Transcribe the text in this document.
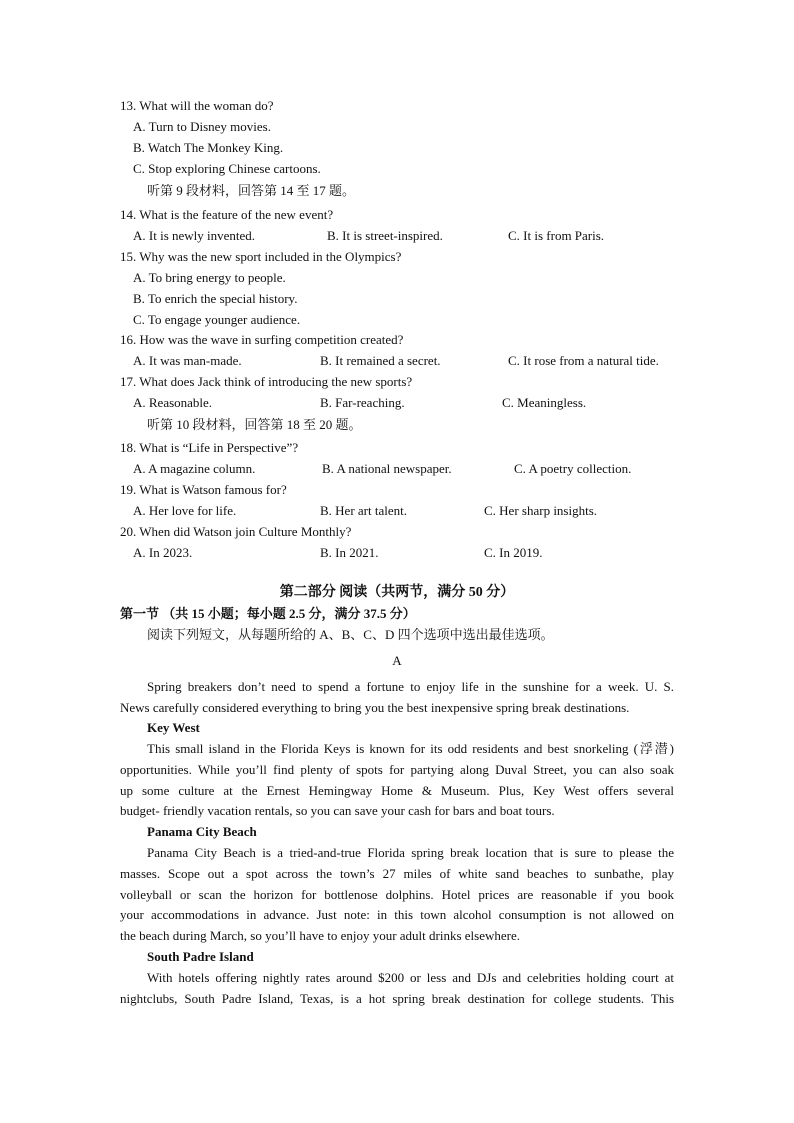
13. What will the woman do?
A. Turn to Disney movies.
B. Watch The Monkey King.
C. Stop exploring Chinese cartoons.
听第 9 段材料，回答第 14 至 17 题。
14. What is the feature of the new event?
A. It is newly invented.	B. It is street-inspired.	C. It is from Paris.
15. Why was the new sport included in the Olympics?
A. To bring energy to people.
B. To enrich the special history.
C. To engage younger audience.
16. How was the wave in surfing competition created?
A. It was man-made.	B. It remained a secret.	C. It rose from a natural tide.
17. What does Jack think of introducing the new sports?
A. Reasonable.	B. Far-reaching.	C. Meaningless.
听第 10 段材料，回答第 18 至 20 题。
18. What is “Life in Perspective”?
A. A magazine column.	B. A national newspaper.	C. A poetry collection.
19. What is Watson famous for?
A. Her love for life.	B. Her art talent.	C. Her sharp insights.
20. When did Watson join Culture Monthly?
A. In 2023.	B. In 2021.	C. In 2019.
第二部分 阅读（共两节，满分 50 分）
第一节 （共 15 小题；每小题 2.5 分，满分 37.5 分）
阅读下列短文，从每题所给的 A、B、C、D 四个选项中选出最佳选项。
A
Spring breakers don’t need to spend a fortune to enjoy life in the sunshine for a week. U. S.
News carefully considered everything to bring you the best inexpensive spring break destinations.
Key West
This small island in the Florida Keys is known for its odd residents and best snorkeling (浮潜)
opportunities. While you’ll find plenty of spots for partying along Duval Street, you can also soak
up some culture at the Ernest Hemingway Home & Museum. Plus, Key West offers several
budget- friendly vacation rentals, so you can save your cash for bars and boat tours.
Panama City Beach
Panama City Beach is a tried-and-true Florida spring break location that is sure to please the
masses. Scope out a spot across the town’s 27 miles of white sand beaches to sunbathe, play
volleyball or scan the horizon for bottlenose dolphins. Hotel prices are reasonable if you book
your accommodations in advance. Just note: in this town alcohol consumption is not allowed on
the beach during March, so you’ll have to enjoy your adult drinks elsewhere.
South Padre Island
With hotels offering nightly rates around $200 or less and DJs and celebrities holding court at
nightclubs, South Padre Island, Texas, is a hot spring break destination for college students. This
